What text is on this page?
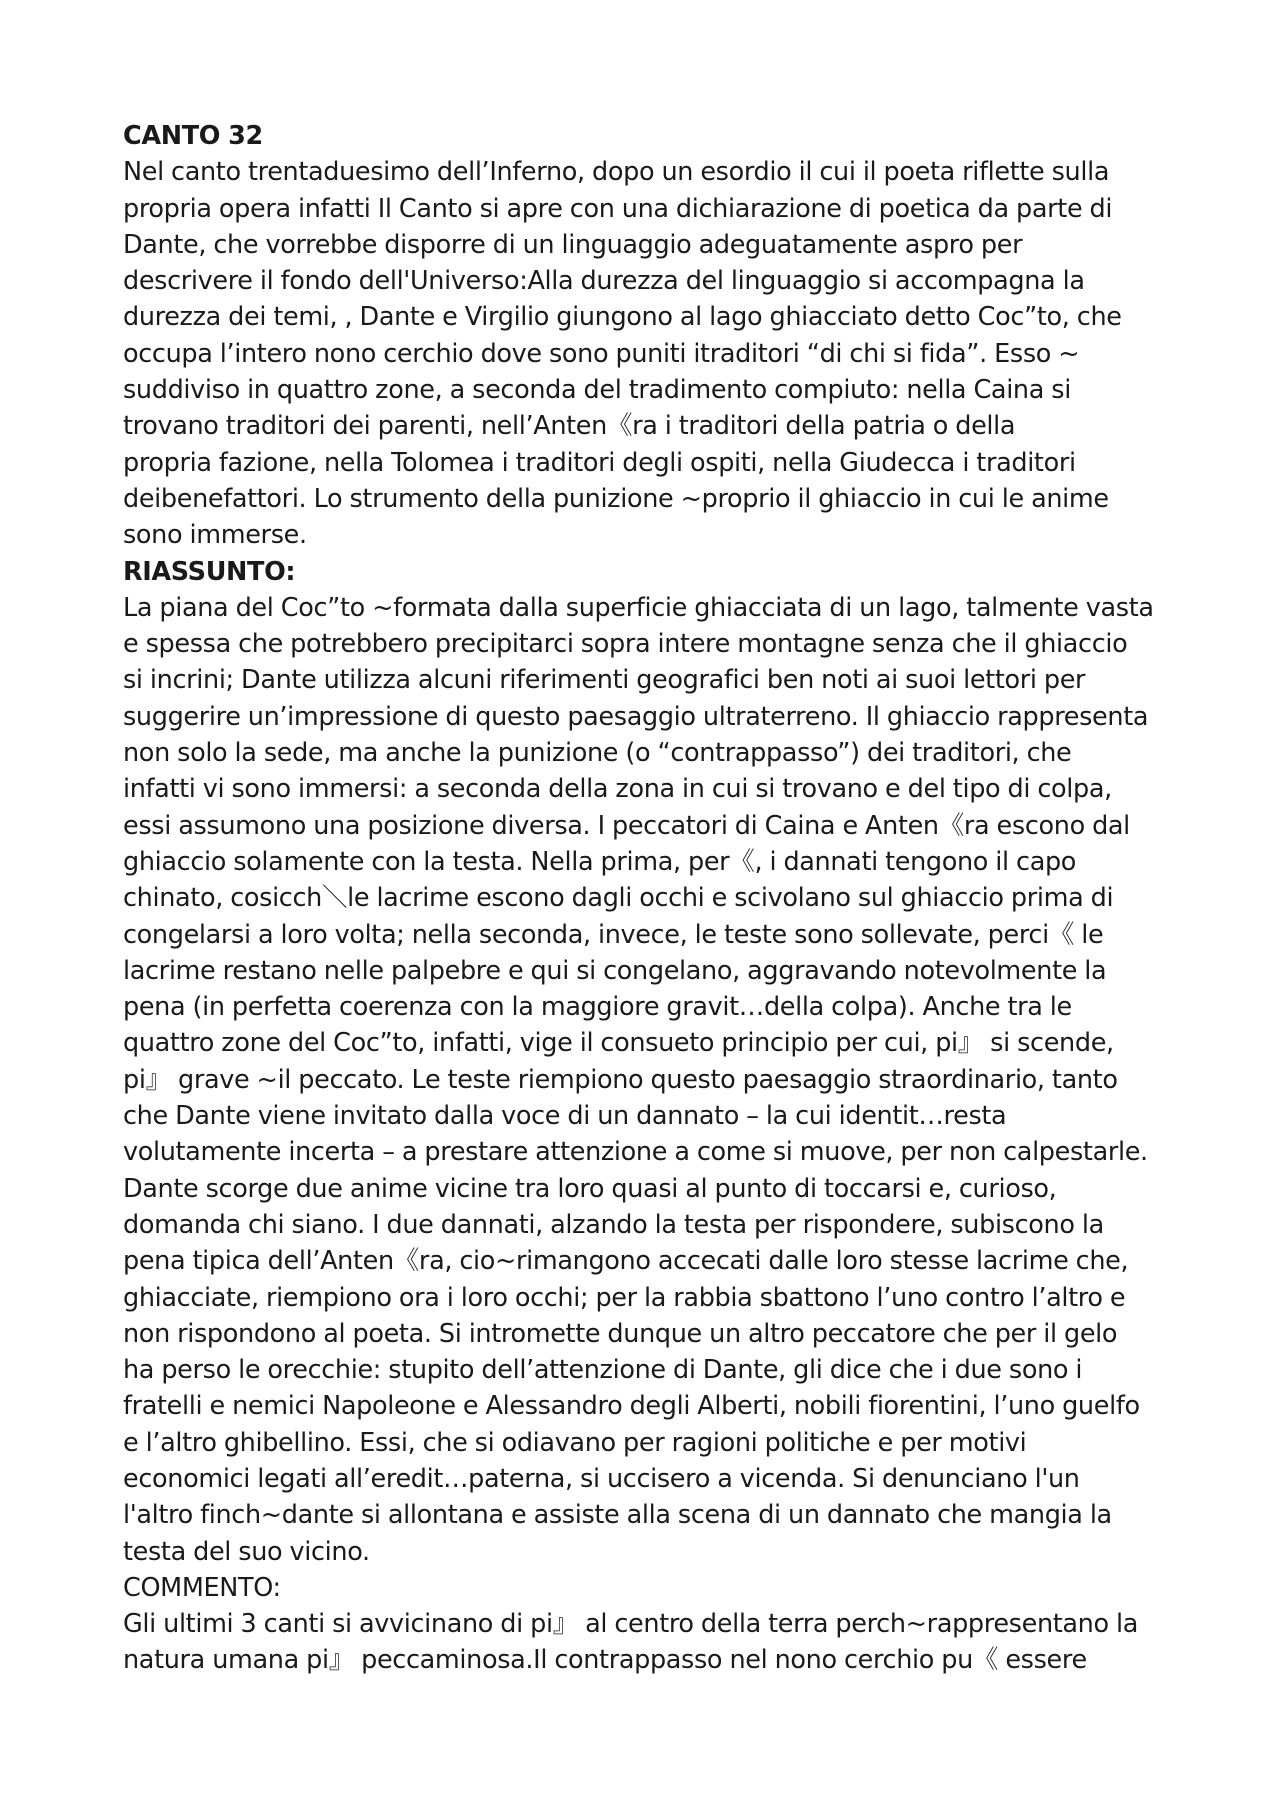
CANTO 32
Nel canto trentaduesimo dell’Inferno, dopo un esordio il cui il poeta riflette sulla
propria opera infatti Il Canto si apre con una dichiarazione di poetica da parte di
Dante, che vorrebbe disporre di un linguaggio adeguatamente aspro per
descrivere il fondo dell'Universo:Alla durezza del linguaggio si accompagna la
durezza dei temi, , Dante e Virgilio giungono al lago ghiacciato detto Coc”to, che
occupa l’intero nono cerchio dove sono puniti itraditori “di chi si fida”. Esso ~
suddiviso in quattro zone, a seconda del tradimento compiuto: nella Caina si
trovano traditori dei parenti, nell’Anten《ra i traditori della patria o della
propria fazione, nella Tolomea i traditori degli ospiti, nella Giudecca i traditori
deibenefattori. Lo strumento della punizione ~proprio il ghiaccio in cui le anime
sono immerse.
RIASSUNTO:
La piana del Coc”to ~formata dalla superficie ghiacciata di un lago, talmente vasta
e spessa che potrebbero precipitarci sopra intere montagne senza che il ghiaccio
si incrini; Dante utilizza alcuni riferimenti geografici ben noti ai suoi lettori per
suggerire un’impressione di questo paesaggio ultraterreno. Il ghiaccio rappresenta
non solo la sede, ma anche la punizione (o “contrappasso”) dei traditori, che
infatti vi sono immersi: a seconda della zona in cui si trovano e del tipo di colpa,
essi assumono una posizione diversa. I peccatori di Caina e Anten《ra escono dal
ghiaccio solamente con la testa. Nella prima, per《, i dannati tengono il capo
chinato, cosicch＼le lacrime escono dagli occhi e scivolano sul ghiaccio prima di
congelarsi a loro volta; nella seconda, invece, le teste sono sollevate, perci《 le
lacrime restano nelle palpebre e qui si congelano, aggravando notevolmente la
pena (in perfetta coerenza con la maggiore gravit…della colpa). Anche tra le
quattro zone del Coc”to, infatti, vige il consueto principio per cui, pi』 si scende,
pi』 grave ~il peccato. Le teste riempiono questo paesaggio straordinario, tanto
che Dante viene invitato dalla voce di un dannato – la cui identit…resta
volutamente incerta – a prestare attenzione a come si muove, per non calpestarle.
Dante scorge due anime vicine tra loro quasi al punto di toccarsi e, curioso,
domanda chi siano. I due dannati, alzando la testa per rispondere, subiscono la
pena tipica dell’Anten《ra, cio~rimangono accecati dalle loro stesse lacrime che,
ghiacciate, riempiono ora i loro occhi; per la rabbia sbattono l’uno contro l’altro e
non rispondono al poeta. Si intromette dunque un altro peccatore che per il gelo
ha perso le orecchie: stupito dell’attenzione di Dante, gli dice che i due sono i
fratelli e nemici Napoleone e Alessandro degli Alberti, nobili fiorentini, l’uno guelfo
e l’altro ghibellino. Essi, che si odiavano per ragioni politiche e per motivi
economici legati all’eredit…paterna, si uccisero a vicenda. Si denunciano l'un
l'altro finch~dante si allontana e assiste alla scena di un dannato che mangia la
testa del suo vicino.
COMMENTO:
Gli ultimi 3 canti si avvicinano di pi』 al centro della terra perch~rappresentano la
natura umana pi』 peccaminosa.Il contrappasso nel nono cerchio pu《 essere
